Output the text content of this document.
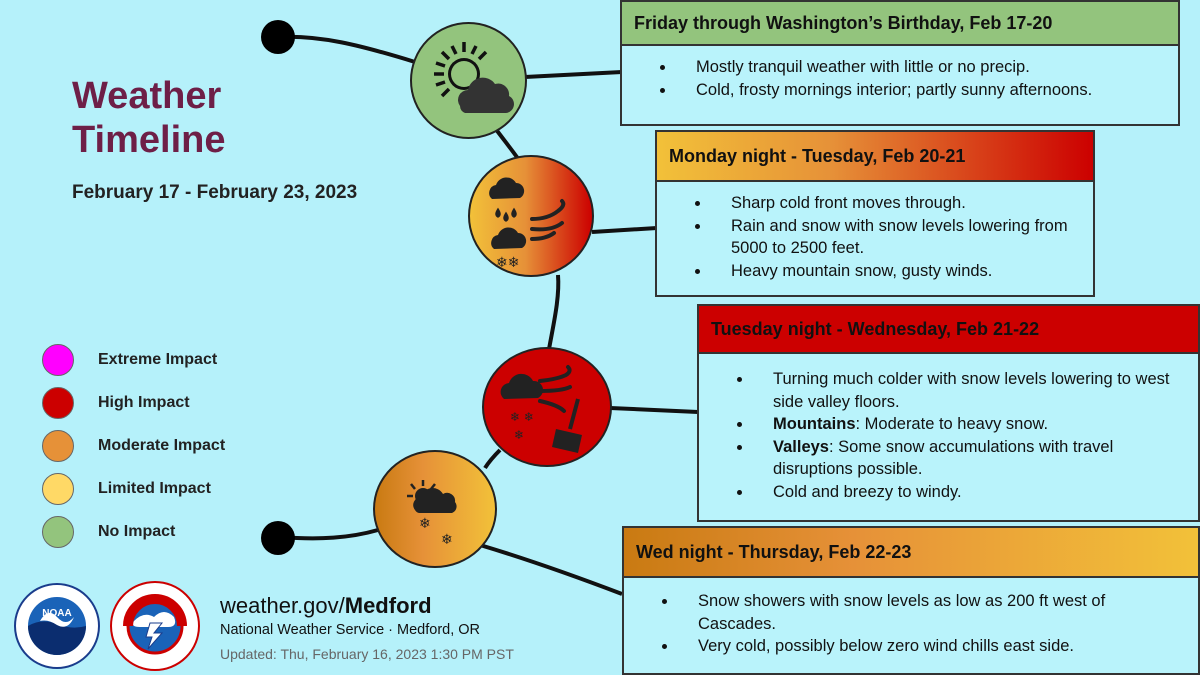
Weather
Timeline
February 17 - February 23, 2023
Extreme Impact
High Impact
Moderate Impact
Limited Impact
No Impact
❄❄
❄ ❄
❄
❄
❄
Friday through Washington’s Birthday, Feb 17-20
• Mostly tranquil weather with little or no precip.
• Cold, frosty mornings interior; partly sunny afternoons.
Monday night - Tuesday, Feb 20-21
• Sharp cold front moves through.
• Rain and snow with snow levels lowering from 5000 to 2500 feet.
• Heavy mountain snow, gusty winds.
Tuesday night - Wednesday, Feb 21-22
• Turning much colder with snow levels lowering to west side valley floors.
• Mountains: Moderate to heavy snow.
• Valleys: Some snow accumulations with travel disruptions possible.
• Cold and breezy to windy.
Wed night - Thursday, Feb 22-23
• Snow showers with snow levels as low as 200 ft west of Cascades.
• Very cold, possibly below zero wind chills east side.
NOAA	weather.gov/Medford
National Weather Service · Medford, OR
Updated: Thu, February 16, 2023 1:30 PM PST
